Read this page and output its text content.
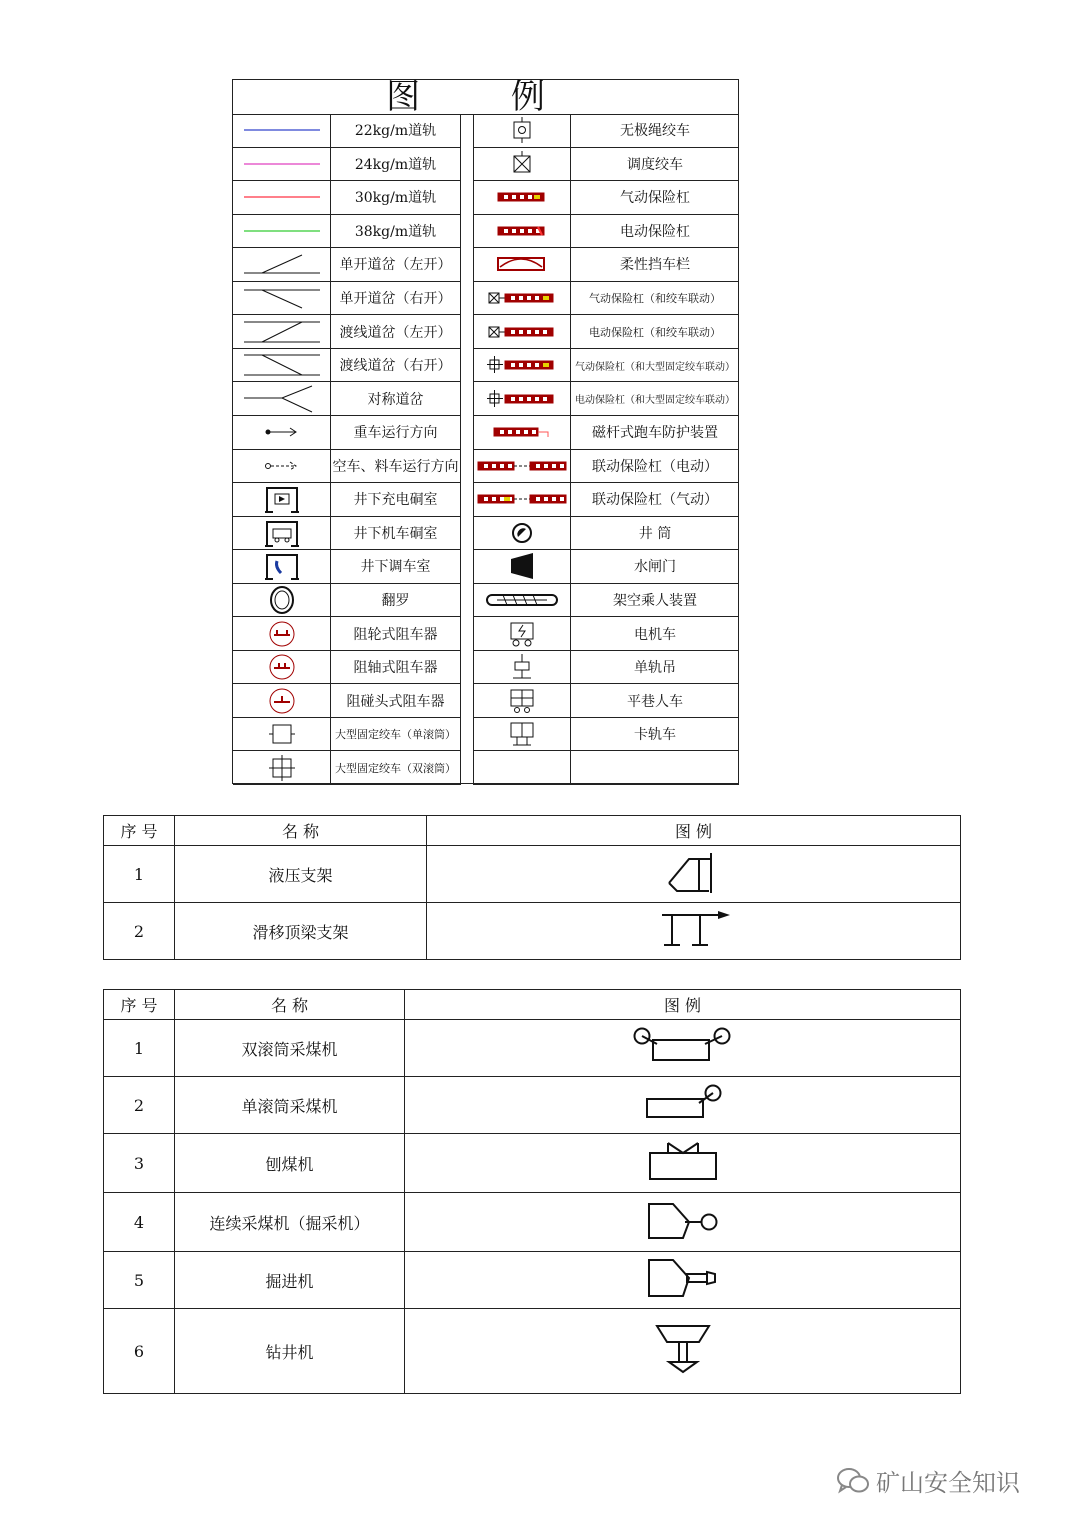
图 例
22kg/m道轨	无极绳绞车
24kg/m道轨	调度绞车
30kg/m道轨	气动保险杠
38kg/m道轨	电动保险杠
单开道岔（左开）	柔性挡车栏
单开道岔（右开）	气动保险杠（和绞车联动）
渡线道岔（左开）	电动保险杠（和绞车联动）
渡线道岔（右开）	气动保险杠（和大型固定绞车联动）
对称道岔	电动保险杠（和大型固定绞车联动）
重车运行方向	磁杆式跑车防护装置
空车、料车运行方向	联动保险杠（电动）
井下充电硐室	联动保险杠（气动）
井下机车硐室	井 筒
井下调车室	水闸门
翻罗	架空乘人装置
阻轮式阻车器	电机车
阻轴式阻车器	单轨吊
阻碰头式阻车器	平巷人车
大型固定绞车（单滚筒）	卡轨车
大型固定绞车（双滚筒）
序 号	名 称	图 例
1	液压支架	
2	滑移顶梁支架	
序 号	名 称	图 例
1	双滚筒采煤机	
2	单滚筒采煤机	
3	刨煤机	
4	连续采煤机（掘采机）	
5	掘进机	
6	钻井机	
矿山安全知识
